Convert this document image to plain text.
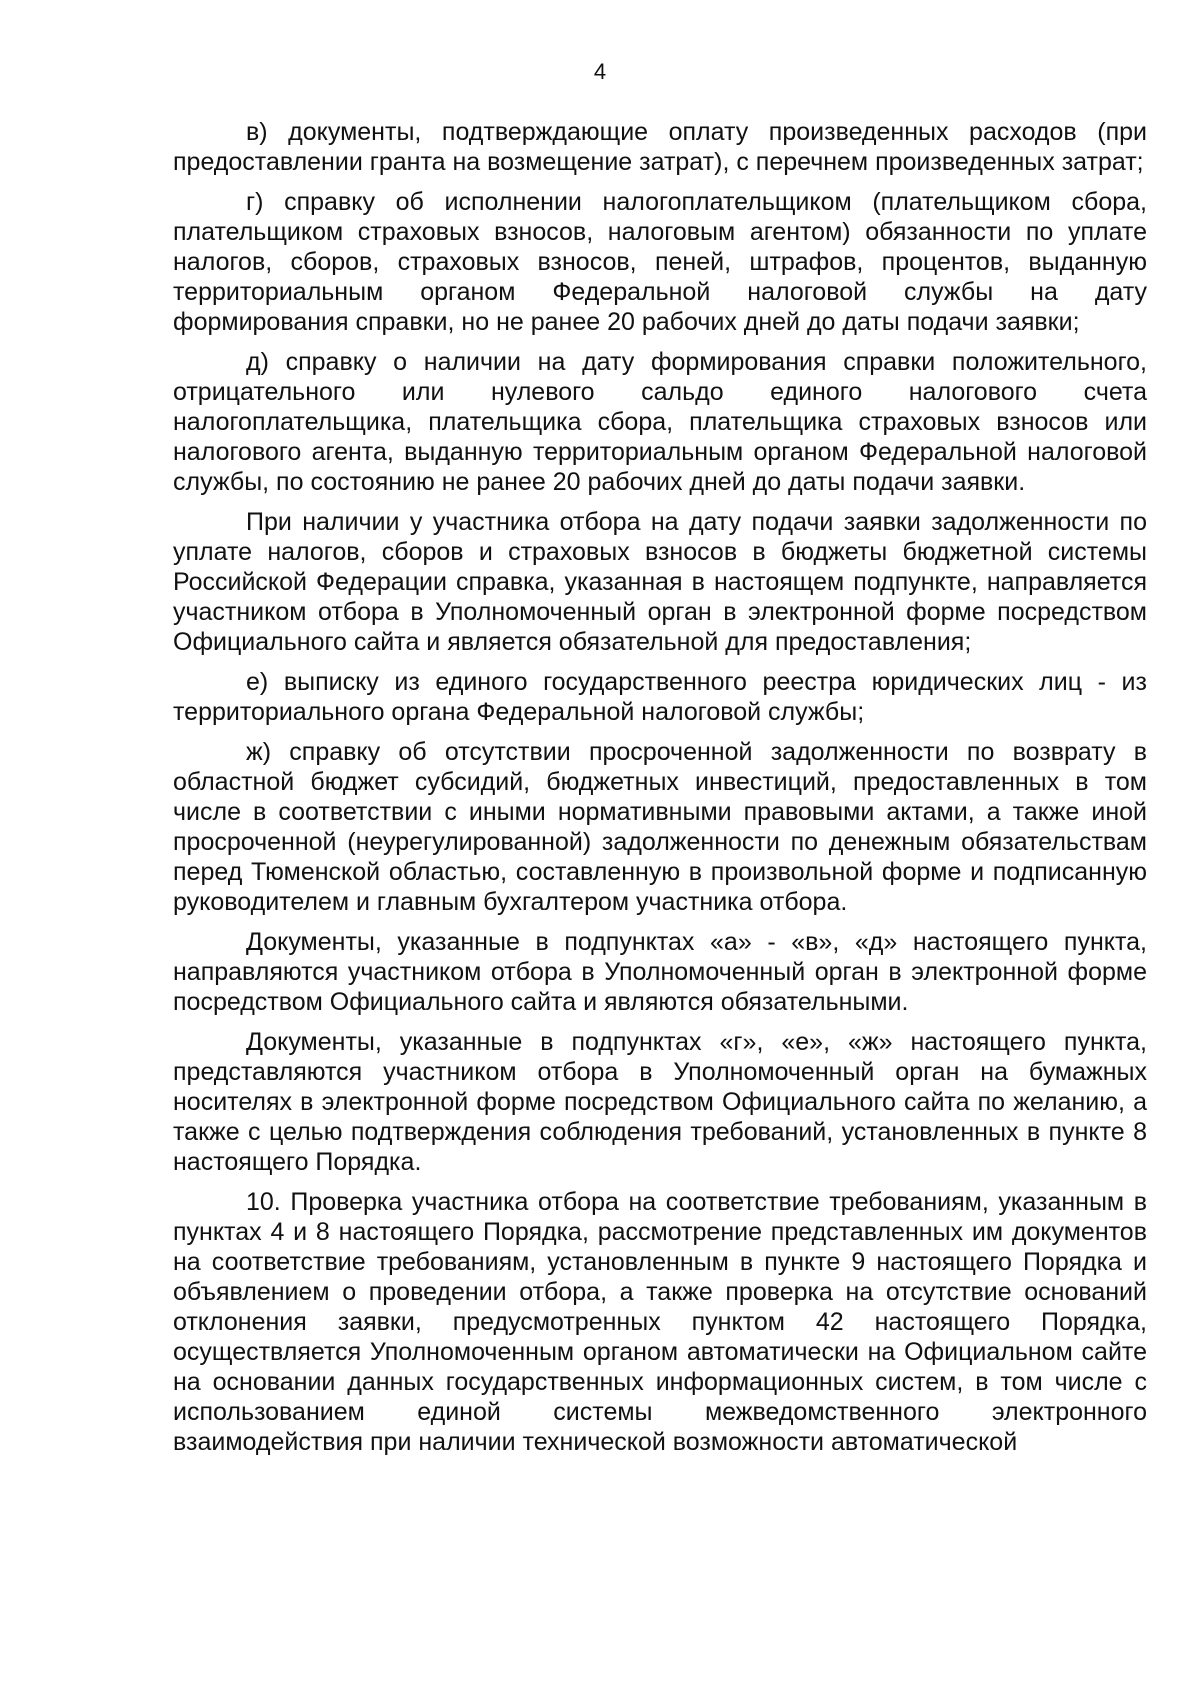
4

в) документы, подтверждающие оплату произведенных расходов (при предоставлении гранта на возмещение затрат), с перечнем произведенных затрат;

г) справку об исполнении налогоплательщиком (плательщиком сбора, плательщиком страховых взносов, налоговым агентом) обязанности по уплате налогов, сборов, страховых взносов, пеней, штрафов, процентов, выданную территориальным органом Федеральной налоговой службы на дату формирования справки, но не ранее 20 рабочих дней до даты подачи заявки;

д) справку о наличии на дату формирования справки положительного, отрицательного или нулевого сальдо единого налогового счета налогоплательщика, плательщика сбора, плательщика страховых взносов или налогового агента, выданную территориальным органом Федеральной налоговой службы, по состоянию не ранее 20 рабочих дней до даты подачи заявки.

При наличии у участника отбора на дату подачи заявки задолженности по уплате налогов, сборов и страховых взносов в бюджеты бюджетной системы Российской Федерации справка, указанная в настоящем подпункте, направляется участником отбора в Уполномоченный орган в электронной форме посредством Официального сайта и является обязательной для предоставления;

е) выписку из единого государственного реестра юридических лиц - из территориального органа Федеральной налоговой службы;

ж) справку об отсутствии просроченной задолженности по возврату в областной бюджет субсидий, бюджетных инвестиций, предоставленных в том числе в соответствии с иными нормативными правовыми актами, а также иной просроченной (неурегулированной) задолженности по денежным обязательствам перед Тюменской областью, составленную в произвольной форме и подписанную руководителем и главным бухгалтером участника отбора.

Документы, указанные в подпунктах «а» - «в», «д» настоящего пункта, направляются участником отбора в Уполномоченный орган в электронной форме посредством Официального сайта и являются обязательными.

Документы, указанные в подпунктах «г», «е», «ж» настоящего пункта, представляются участником отбора в Уполномоченный орган на бумажных носителях в электронной форме посредством Официального сайта по желанию, а также с целью подтверждения соблюдения требований, установленных в пункте 8 настоящего Порядка.

10. Проверка участника отбора на соответствие требованиям, указанным в пунктах 4 и 8 настоящего Порядка, рассмотрение представленных им документов на соответствие требованиям, установленным в пункте 9 настоящего Порядка и объявлением о проведении отбора, а также проверка на отсутствие оснований отклонения заявки, предусмотренных пунктом 42 настоящего Порядка, осуществляется Уполномоченным органом автоматически на Официальном сайте на основании данных государственных информационных систем, в том числе с использованием единой системы межведомственного электронного взаимодействия при наличии технической возможности автоматической
